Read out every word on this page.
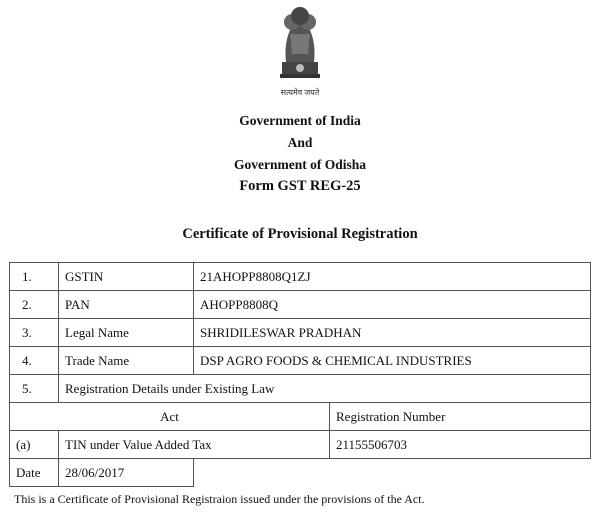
सत्यमेव जयते
Government of India
And
Government of Odisha
Form GST REG-25
Certificate of Provisional Registration
1.	GSTIN	21AHOPP8808Q1ZJ	
2.	PAN	AHOPP8808Q	
3.	Legal Name	SHRIDILESWAR PRADHAN	
4.	Trade Name	DSP AGRO FOODS & CHEMICAL INDUSTRIES	
5.	Registration Details under Existing Law		
Act			Registration Number
(a)	TIN under Value Added Tax		21155506703
Date	28/06/2017		
This is a Certificate of Provisional Registraion issued under the provisions of the Act.
